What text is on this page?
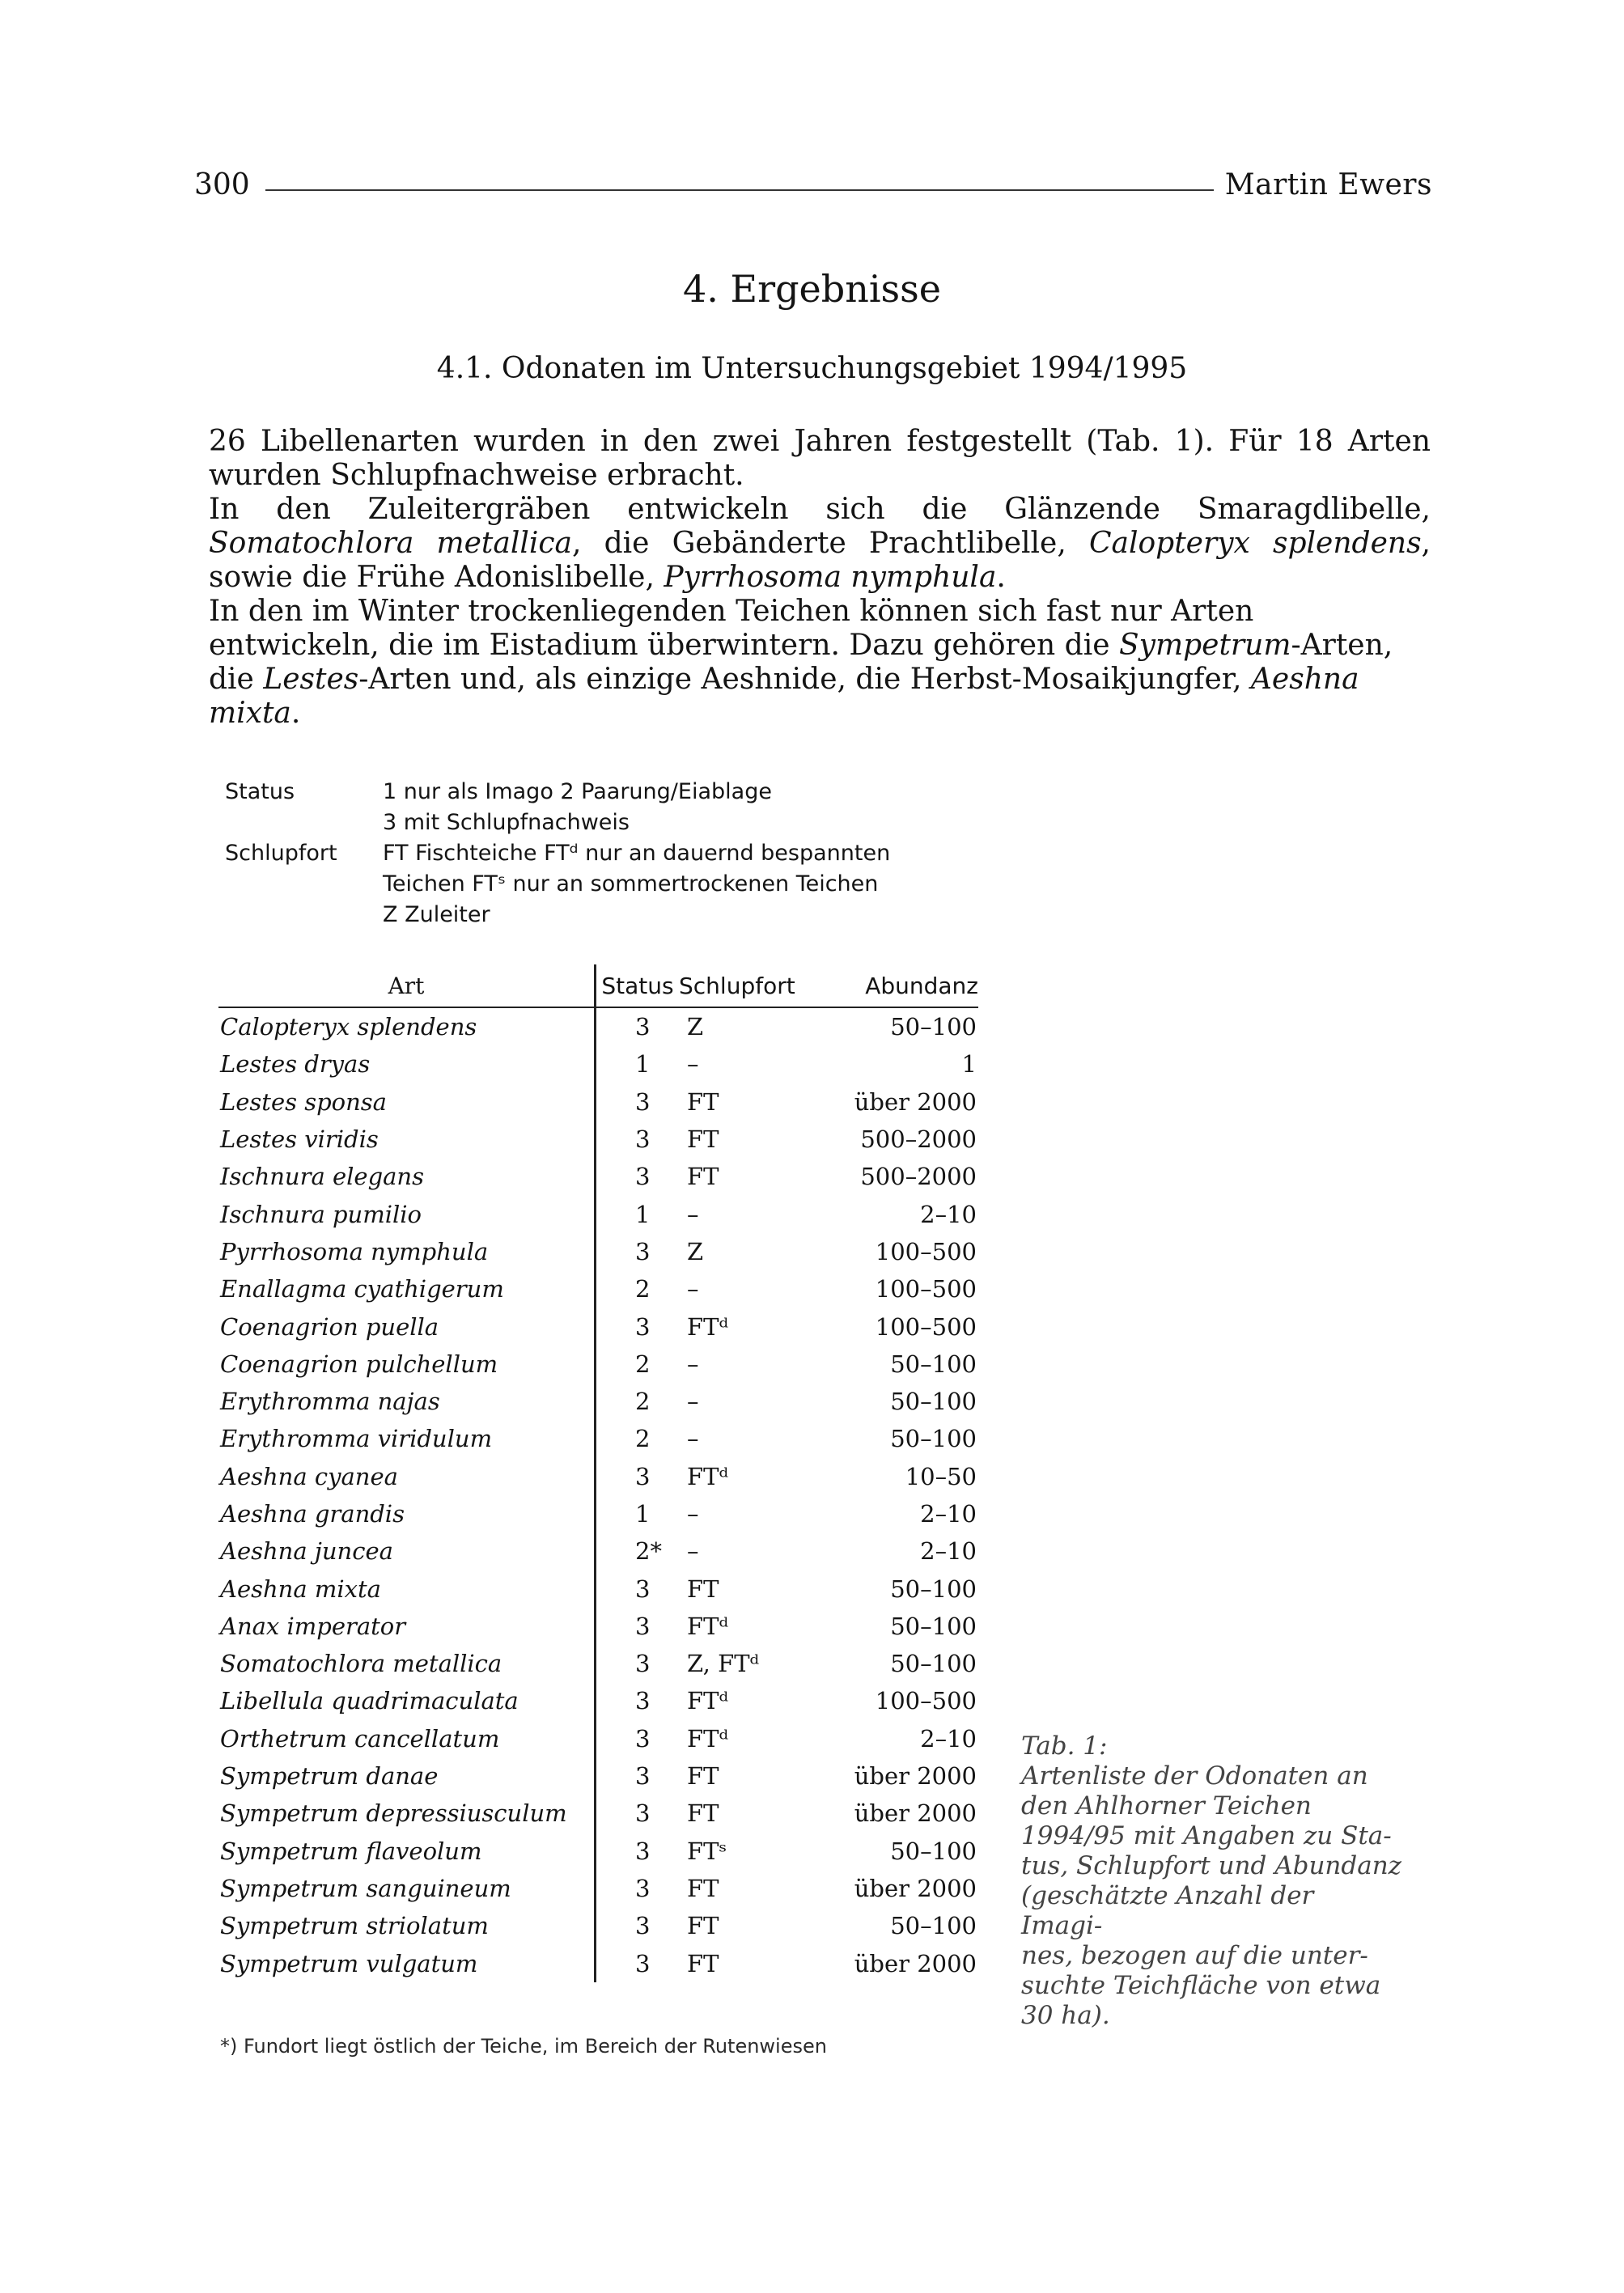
300	Martin Ewers
4. Ergebnisse
4.1. Odonaten im Untersuchungsgebiet 1994/1995

26 Libellenarten wurden in den zwei Jahren festgestellt (Tab. 1). Für 18 Arten wurden Schlupfnachweise erbracht.

In den Zuleitergräben entwickeln sich die Glänzende Smaragdlibelle, Somatochlora metallica, die Gebänderte Prachtlibelle, Calopteryx splendens, sowie die Frühe Adonislibelle, Pyrrhosoma nymphula.

In den im Winter trockenliegenden Teichen können sich fast nur Arten entwickeln, die im Eistadium überwintern. Dazu gehören die Sympetrum-Arten, die Lestes-Arten und, als einzige Aeshnide, die Herbst-Mosaikjungfer, Aeshna mixta.

Status	1 nur als Imago 2 Paarung/Eiablage
3 mit Schlupfnachweis
Schlupfort	FT Fischteiche FTᵈ nur an dauernd bespannten
Teichen FTˢ nur an sommertrockenen Teichen
Z Zuleiter
Art	Status	Schlupfort	Abundanz
Calopteryx splendens	3	Z	50–100
Lestes dryas	1	–	1
Lestes sponsa	3	FT	über 2000
Lestes viridis	3	FT	500–2000
Ischnura elegans	3	FT	500–2000
Ischnura pumilio	1	–	2–10
Pyrrhosoma nymphula	3	Z	100–500
Enallagma cyathigerum	2	–	100–500
Coenagrion puella	3	FTᵈ	100–500
Coenagrion pulchellum	2	–	50–100
Erythromma najas	2	–	50–100
Erythromma viridulum	2	–	50–100
Aeshna cyanea	3	FTᵈ	10–50
Aeshna grandis	1	–	2–10
Aeshna juncea	2*	–	2–10
Aeshna mixta	3	FT	50–100
Anax imperator	3	FTᵈ	50–100
Somatochlora metallica	3	Z, FTᵈ	50–100
Libellula quadrimaculata	3	FTᵈ	100–500
Orthetrum cancellatum	3	FTᵈ	2–10
Sympetrum danae	3	FT	über 2000
Sympetrum depressiusculum	3	FT	über 2000
Sympetrum flaveolum	3	FTˢ	50–100
Sympetrum sanguineum	3	FT	über 2000
Sympetrum striolatum	3	FT	50–100
Sympetrum vulgatum	3	FT	über 2000
*) Fundort liegt östlich der Teiche, im Bereich der Rutenwiesen
Tab. 1:
Artenliste der Odonaten an
den Ahlhorner Teichen
1994/95 mit Angaben zu Sta-
tus, Schlupfort und Abundanz
(geschätzte Anzahl der Imagi-
nes, bezogen auf die unter-
suchte Teichfläche von etwa
30 ha).
